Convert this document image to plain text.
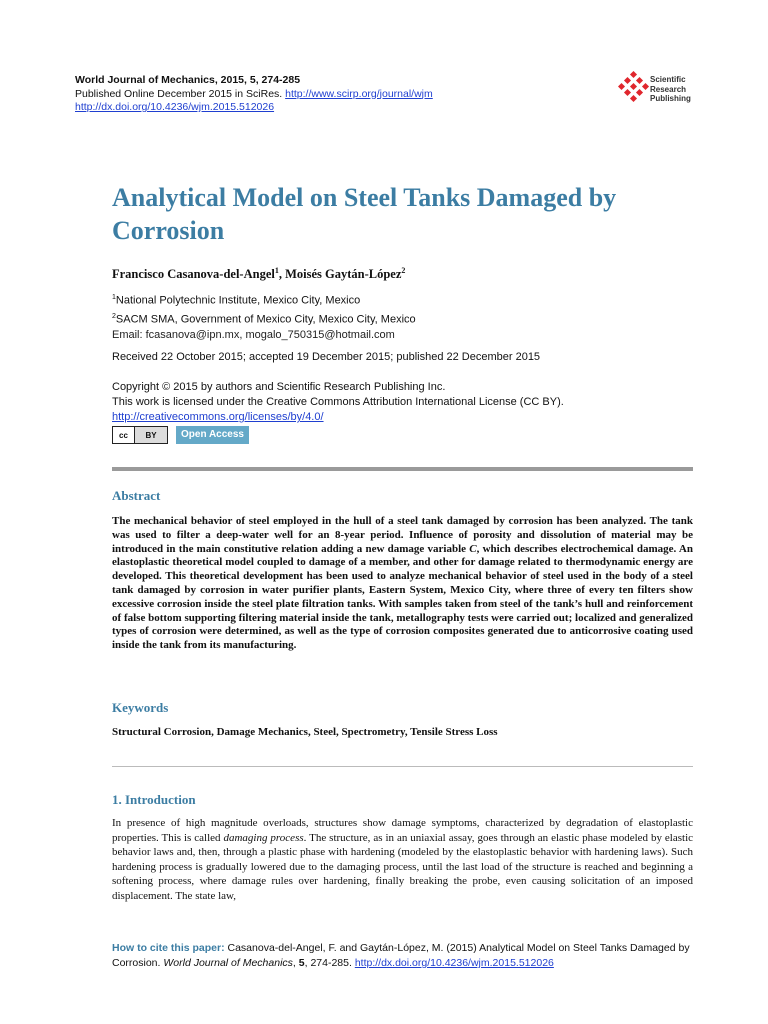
World Journal of Mechanics, 2015, 5, 274-285
Published Online December 2015 in SciRes. http://www.scirp.org/journal/wjm
http://dx.doi.org/10.4236/wjm.2015.512026
Scientific
Research
Publishing
Analytical Model on Steel Tanks Damaged by Corrosion
Francisco Casanova-del-Angel$^1$, Moisés Gaytán-López$^2$
$^1$National Polytechnic Institute, Mexico City, Mexico
$^2$SACM SMA, Government of Mexico City, Mexico City, Mexico
Email: fcasanova@ipn.mx, mogalo_750315@hotmail.com
Received 22 October 2015; accepted 19 December 2015; published 22 December 2015
Copyright © 2015 by authors and Scientific Research Publishing Inc.
This work is licensed under the Creative Commons Attribution International License (CC BY).
http://creativecommons.org/licenses/by/4.0/
cc	BY	Open Access
Abstract

The mechanical behavior of steel employed in the hull of a steel tank damaged by corrosion has been analyzed. The tank was used to filter a deep-water well for an 8-year period. Influence of porosity and dissolution of material may be introduced in the main constitutive relation adding a new damage variable C, which describes electrochemical damage. An elastoplastic theoretical model coupled to damage of a member, and other for damage related to thermodynamic energy are developed. This theoretical development has been used to analyze mechanical behavior of steel used in the body of a steel tank damaged by corrosion in water purifier plants, Eastern System, Mexico City, where three of every ten filters show excessive corrosion inside the steel plate filtration tanks. With samples taken from steel of the tank’s hull and reinforcement of false bottom supporting filtering material inside the tank, metallography tests were carried out; localized and generalized types of corrosion were determined, as well as the type of corrosion composites generated due to anticorrosive coating used inside the tank from its manufacturing.

Keywords
Structural Corrosion, Damage Mechanics, Steel, Spectrometry, Tensile Stress Loss
1. Introduction

In presence of high magnitude overloads, structures show damage symptoms, characterized by degradation of elastoplastic properties. This is called damaging process. The structure, as in an uniaxial assay, goes through an elastic phase modeled by elastic behavior laws and, then, through a plastic phase with hardening (modeled by the elastoplastic behavior with hardening laws). Such hardening process is gradually lowered due to the damaging process, until the last load of the structure is reached and beginning a softening process, where damage rules over hardening, finally breaking the probe, even causing solicitation of an imposed displacement. The state law,

How to cite this paper: Casanova-del-Angel, F. and Gaytán-López, M. (2015) Analytical Model on Steel Tanks Damaged by Corrosion. World Journal of Mechanics, 5, 274-285. http://dx.doi.org/10.4236/wjm.2015.512026
